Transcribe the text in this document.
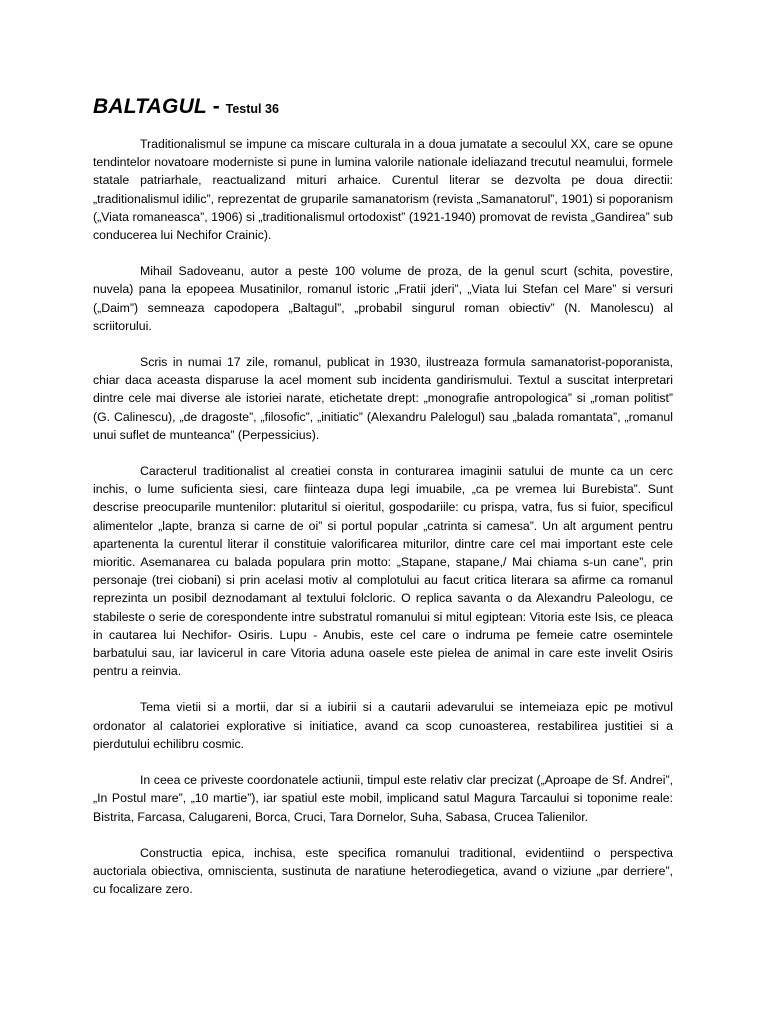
BALTAGUL - Testul 36

Traditionalismul se impune ca miscare culturala in a doua jumatate a secoulul XX, care se opune tendintelor novatoare moderniste si pune in lumina valorile nationale ideliazand trecutul neamului, formele statale patriarhale, reactualizand mituri arhaice. Curentul literar se dezvolta pe doua directii: „traditionalismul idilic”, reprezentat de gruparile samanatorism (revista „Samanatorul”, 1901) si poporanism („Viata romaneasca”, 1906) si „traditionalismul ortodoxist” (1921-1940) promovat de revista „Gandirea” sub conducerea lui Nechifor Crainic).

Mihail Sadoveanu, autor a peste 100 volume de proza, de la genul scurt (schita, povestire, nuvela) pana la epopeea Musatinilor, romanul istoric „Fratii jderi”, „Viata lui Stefan cel Mare” si versuri („Daim”) semneaza capodopera „Baltagul”, „probabil singurul roman obiectiv” (N. Manolescu) al scriitorului.

Scris in numai 17 zile, romanul, publicat in 1930, ilustreaza formula samanatorist-poporanista, chiar daca aceasta disparuse la acel moment sub incidenta gandirismului. Textul a suscitat interpretari dintre cele mai diverse ale istoriei narate, etichetate drept: „monografie antropologica” si „roman politist” (G. Calinescu), „de dragoste”, „filosofic”, „initiatic” (Alexandru Palelogul) sau „balada romantata”, „romanul unui suflet de munteanca” (Perpessicius).

Caracterul traditionalist al creatiei consta in conturarea imaginii satului de munte ca un cerc inchis, o lume suficienta siesi, care fiinteaza dupa legi imuabile, „ca pe vremea lui Burebista”. Sunt descrise preocuparile muntenilor: plutaritul si oieritul, gospodariile: cu prispa, vatra, fus si fuior, specificul alimentelor „lapte, branza si carne de oi” si portul popular „catrinta si camesa”. Un alt argument pentru apartenenta la curentul literar il constituie valorificarea miturilor, dintre care cel mai important este cele mioritic. Asemanarea cu balada populara prin motto: „Stapane, stapane,/ Mai chiama s-un cane”, prin personaje (trei ciobani) si prin acelasi motiv al complotului au facut critica literara sa afirme ca romanul reprezinta un posibil deznodamant al textului folcloric. O replica savanta o da Alexandru Paleologu, ce stabileste o serie de corespondente intre substratul romanului si mitul egiptean: Vitoria este Isis, ce pleaca in cautarea lui Nechifor- Osiris. Lupu - Anubis, este cel care o indruma pe femeie catre osemintele barbatului sau, iar lavicerul in care Vitoria aduna oasele este pielea de animal in care este invelit Osiris pentru a reinvia.

Tema vietii si a mortii, dar si a iubirii si a cautarii adevarului se intemeiaza epic pe motivul ordonator al calatoriei explorative si initiatice, avand ca scop cunoasterea, restabilirea justitiei si a pierdutului echilibru cosmic.

In ceea ce priveste coordonatele actiunii, timpul este relativ clar precizat („Aproape de Sf. Andrei”, „In Postul mare”, „10 martie”), iar spatiul este mobil, implicand satul Magura Tarcaului si toponime reale: Bistrita, Farcasa, Calugareni, Borca, Cruci, Tara Dornelor, Suha, Sabasa, Crucea Talienilor.

Constructia epica, inchisa, este specifica romanului traditional, evidentiind o perspectiva auctoriala obiectiva, omniscienta, sustinuta de naratiune heterodiegetica, avand o viziune „par derriere”, cu focalizare zero.
